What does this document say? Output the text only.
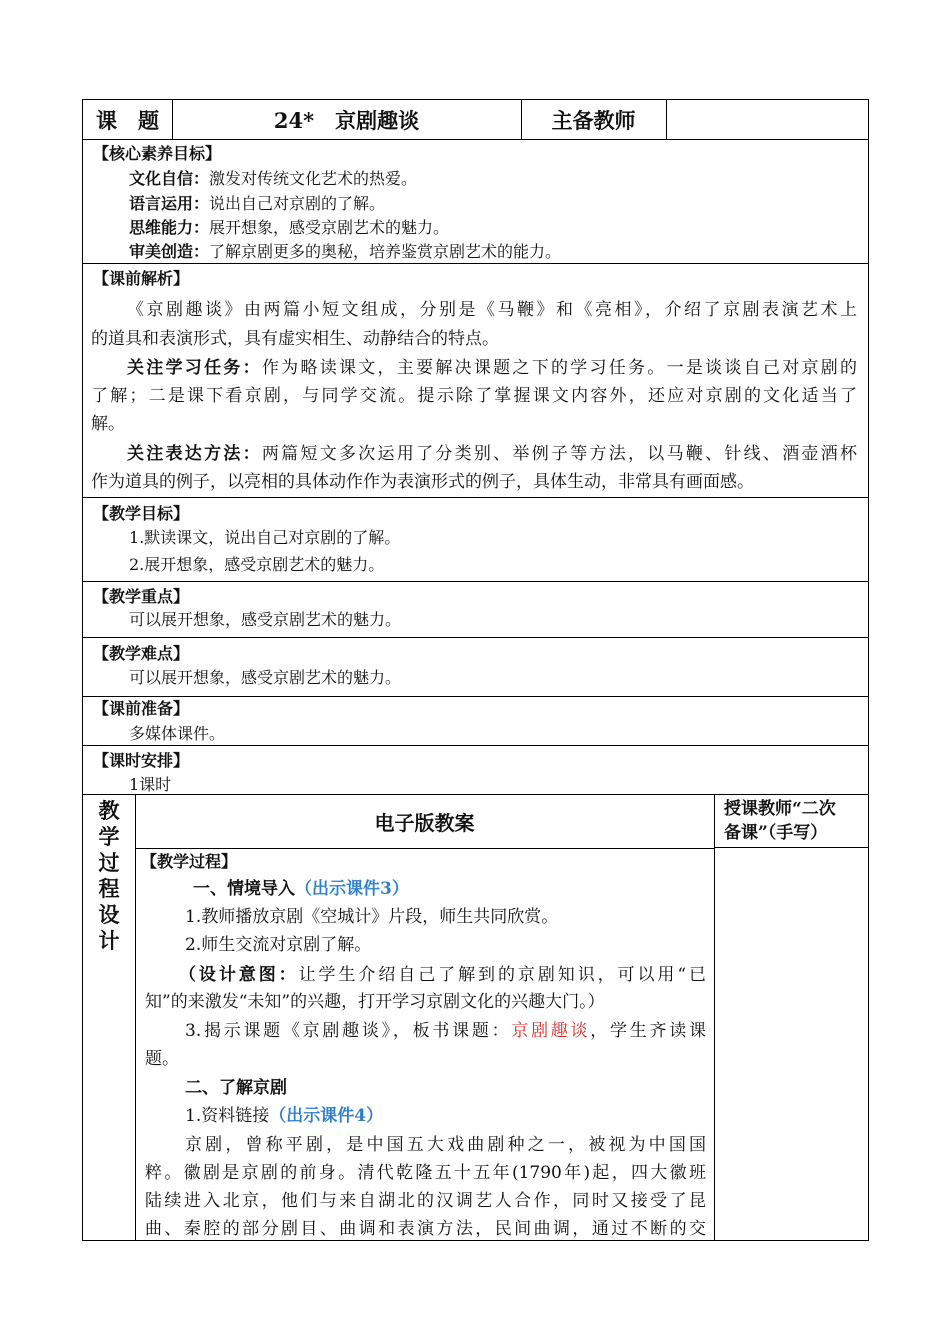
课　题	24*　京剧趣谈	主备教师
【核心素养目标】
文化自信：激发对传统文化艺术的热爱。
语言运用：说出自己对京剧的了解。
思维能力：展开想象，感受京剧艺术的魅力。
审美创造：了解京剧更多的奥秘，培养鉴赏京剧艺术的能力。
【课前解析】
《京剧趣谈》由两篇小短文组成，分别是《马鞭》和《亮相》，介绍了京剧表演艺术上
的道具和表演形式，具有虚实相生、动静结合的特点。
关注学习任务：作为略读课文，主要解决课题之下的学习任务。一是谈谈自己对京剧的
了解；二是课下看京剧，与同学交流。提示除了掌握课文内容外，还应对京剧的文化适当了
解。
关注表达方法：两篇短文多次运用了分类别、举例子等方法，以马鞭、针线、酒壶酒杯
作为道具的例子，以亮相的具体动作作为表演形式的例子，具体生动，非常具有画面感。
【教学目标】
1.默读课文，说出自己对京剧的了解。
2.展开想象，感受京剧艺术的魅力。
【教学重点】
可以展开想象，感受京剧艺术的魅力。
【教学难点】
可以展开想象，感受京剧艺术的魅力。
【课前准备】
多媒体课件。
【课时安排】
1课时
教
学
过
程
设
计
电子版教案
【教学过程】
一、情境导入（出示课件3）
1.教师播放京剧《空城计》片段，师生共同欣赏。
2.师生交流对京剧了解。
（设计意图：让学生介绍自己了解到的京剧知识，可以用“已
知”的来激发“未知”的兴趣，打开学习京剧文化的兴趣大门。）
3.揭示课题《京剧趣谈》，板书课题：京剧趣谈，学生齐读课
题。
二、了解京剧
1.资料链接（出示课件4）
京剧，曾称平剧，是中国五大戏曲剧种之一，被视为中国国
粹。徽剧是京剧的前身。清代乾隆五十五年(1790年)起，四大徽班
陆续进入北京，他们与来自湖北的汉调艺人合作，同时又接受了昆
曲、秦腔的部分剧目、曲调和表演方法，民间曲调，通过不断的交
授课教师“二次
备课”（手写）
